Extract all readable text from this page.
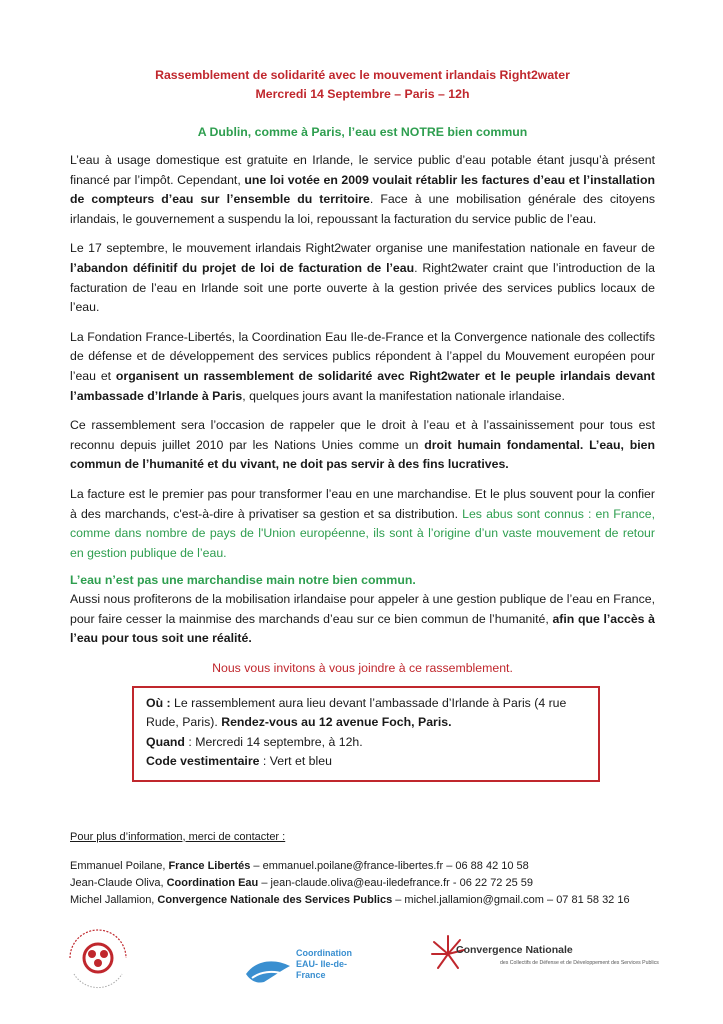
Rassemblement de solidarité avec le mouvement irlandais Right2water
Mercredi 14 Septembre – Paris – 12h
A Dublin, comme à Paris, l’eau est NOTRE bien commun

L’eau à usage domestique est gratuite en Irlande, le service public d’eau potable étant jusqu’à présent financé par l’impôt. Cependant, une loi votée en 2009 voulait rétablir les factures d’eau et l’installation de compteurs d’eau sur l’ensemble du territoire. Face à une mobilisation générale des citoyens irlandais, le gouvernement a suspendu la loi, repoussant la facturation du service public de l’eau.

Le 17 septembre, le mouvement irlandais Right2water organise une manifestation nationale en faveur de l’abandon définitif du projet de loi de facturation de l’eau. Right2water craint que l’introduction de la facturation de l’eau en Irlande soit une porte ouverte à la gestion privée des services publics locaux de l’eau.

La Fondation France-Libertés, la Coordination Eau Ile-de-France et la Convergence nationale des collectifs de défense et de développement des services publics répondent à l’appel du Mouvement européen pour l’eau et organisent un rassemblement de solidarité avec Right2water et le peuple irlandais devant l’ambassade d’Irlande à Paris, quelques jours avant la manifestation nationale irlandaise.

Ce rassemblement sera l’occasion de rappeler que le droit à l’eau et à l’assainissement pour tous est reconnu depuis juillet 2010 par les Nations Unies comme un droit humain fondamental. L’eau, bien commun de l’humanité et du vivant, ne doit pas servir à des fins lucratives.

La facture est le premier pas pour transformer l’eau en une marchandise. Et le plus souvent pour la confier à des marchands, c'est-à-dire à privatiser sa gestion et sa distribution. Les abus sont connus : en France, comme dans nombre de pays de l'Union européenne, ils sont à l’origine d’un vaste mouvement de retour en gestion publique de l’eau.

L’eau n’est pas une marchandise main notre bien commun.

Aussi nous profiterons de la mobilisation irlandaise pour appeler à une gestion publique de l’eau en France, pour faire cesser la mainmise des marchands d’eau sur ce bien commun de l’humanité, afin que l’accès à l’eau pour tous soit une réalité.

Nous vous invitons à vous joindre à ce rassemblement.
Où : Le rassemblement aura lieu devant l’ambassade d’Irlande à Paris (4 rue Rude, Paris). Rendez-vous au 12 avenue Foch, Paris.
Quand : Mercredi 14 septembre, à 12h.
Code vestimentaire : Vert et bleu
Pour plus d’information, merci de contacter :
Emmanuel Poilane, France Libertés – emmanuel.poilane@france-libertes.fr – 06 88 42 10 58
Jean-Claude Oliva, Coordination Eau – jean-claude.oliva@eau-iledefrance.fr - 06 22 72 25 59
Michel Jallamion, Convergence Nationale des Services Publics – michel.jallamion@gmail.com – 07 81 58 32 16
Coordination
EAU- Ile-de-France
Convergence Nationale
des Collectifs de Défense et de Développement des Services Publics
